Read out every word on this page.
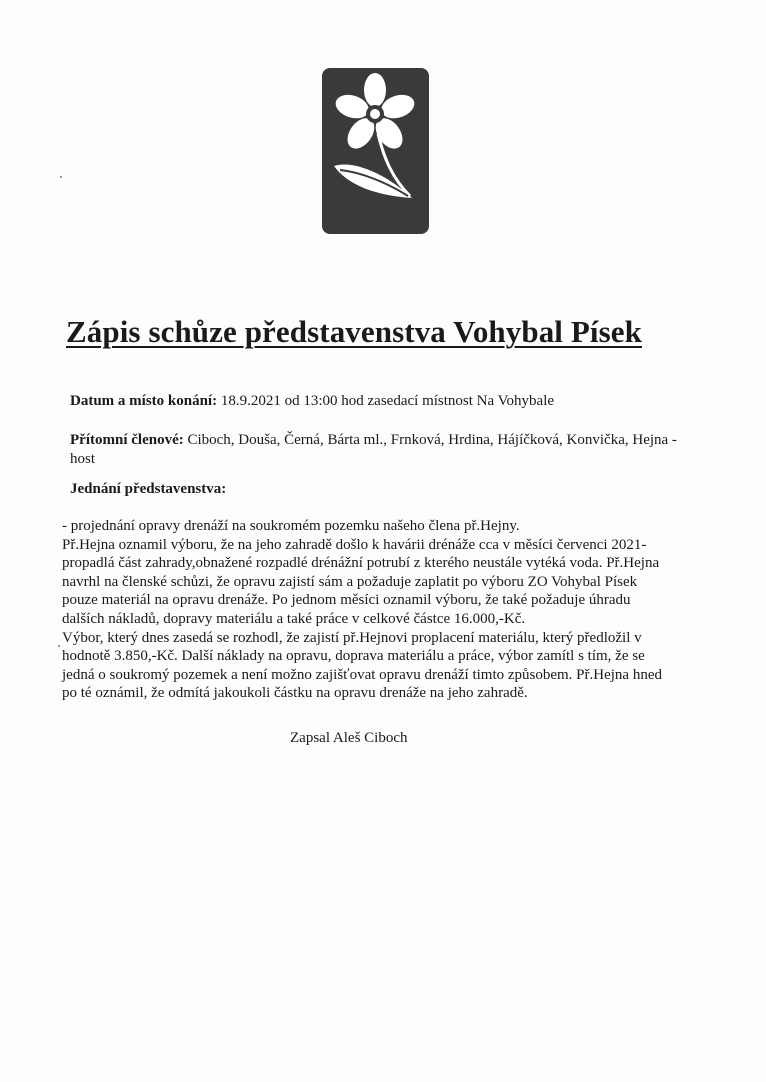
ČZS
Zápis schůze představenstva Vohybal Písek
Datum a místo konání: 18.9.2021 od 13:00 hod zasedací místnost Na Vohybale
Přítomní členové: Ciboch, Douša, Černá, Bárta ml., Frnková, Hrdina, Hájíčková, Konvička, Hejna - host
Jednání představenstva:

- projednání opravy drenáží na soukromém pozemku našeho člena př.Hejny.

Př.Hejna oznamil výboru, že na jeho zahradě došlo k havárii drénáže cca v měsíci červenci 2021-

propadlá část zahrady,obnažené rozpadlé drénážní potrubí z kterého neustále vytéká voda. Př.Hejna

navrhl na členské schůzi, že opravu zajistí sám a požaduje zaplatit po výboru ZO Vohybal Písek

pouze materiál na opravu drenáže. Po jednom měsíci oznamil výboru, že také požaduje úhradu

dalších nákladů, dopravy materiálu a také práce v celkové částce 16.000,-Kč.

Výbor, který dnes zasedá se rozhodl, že zajistí př.Hejnovi proplacení materiálu, který předložil v

hodnotě 3.850,-Kč. Další náklady na opravu, doprava materiálu a práce, výbor zamítl s tím, že se

jedná o soukromý pozemek a není možno zajišťovat opravu drenáží timto způsobem. Př.Hejna hned

po té oznámil, že odmítá jakoukoli částku na opravu drenáže na jeho zahradě.

Zapsal Aleš Ciboch
